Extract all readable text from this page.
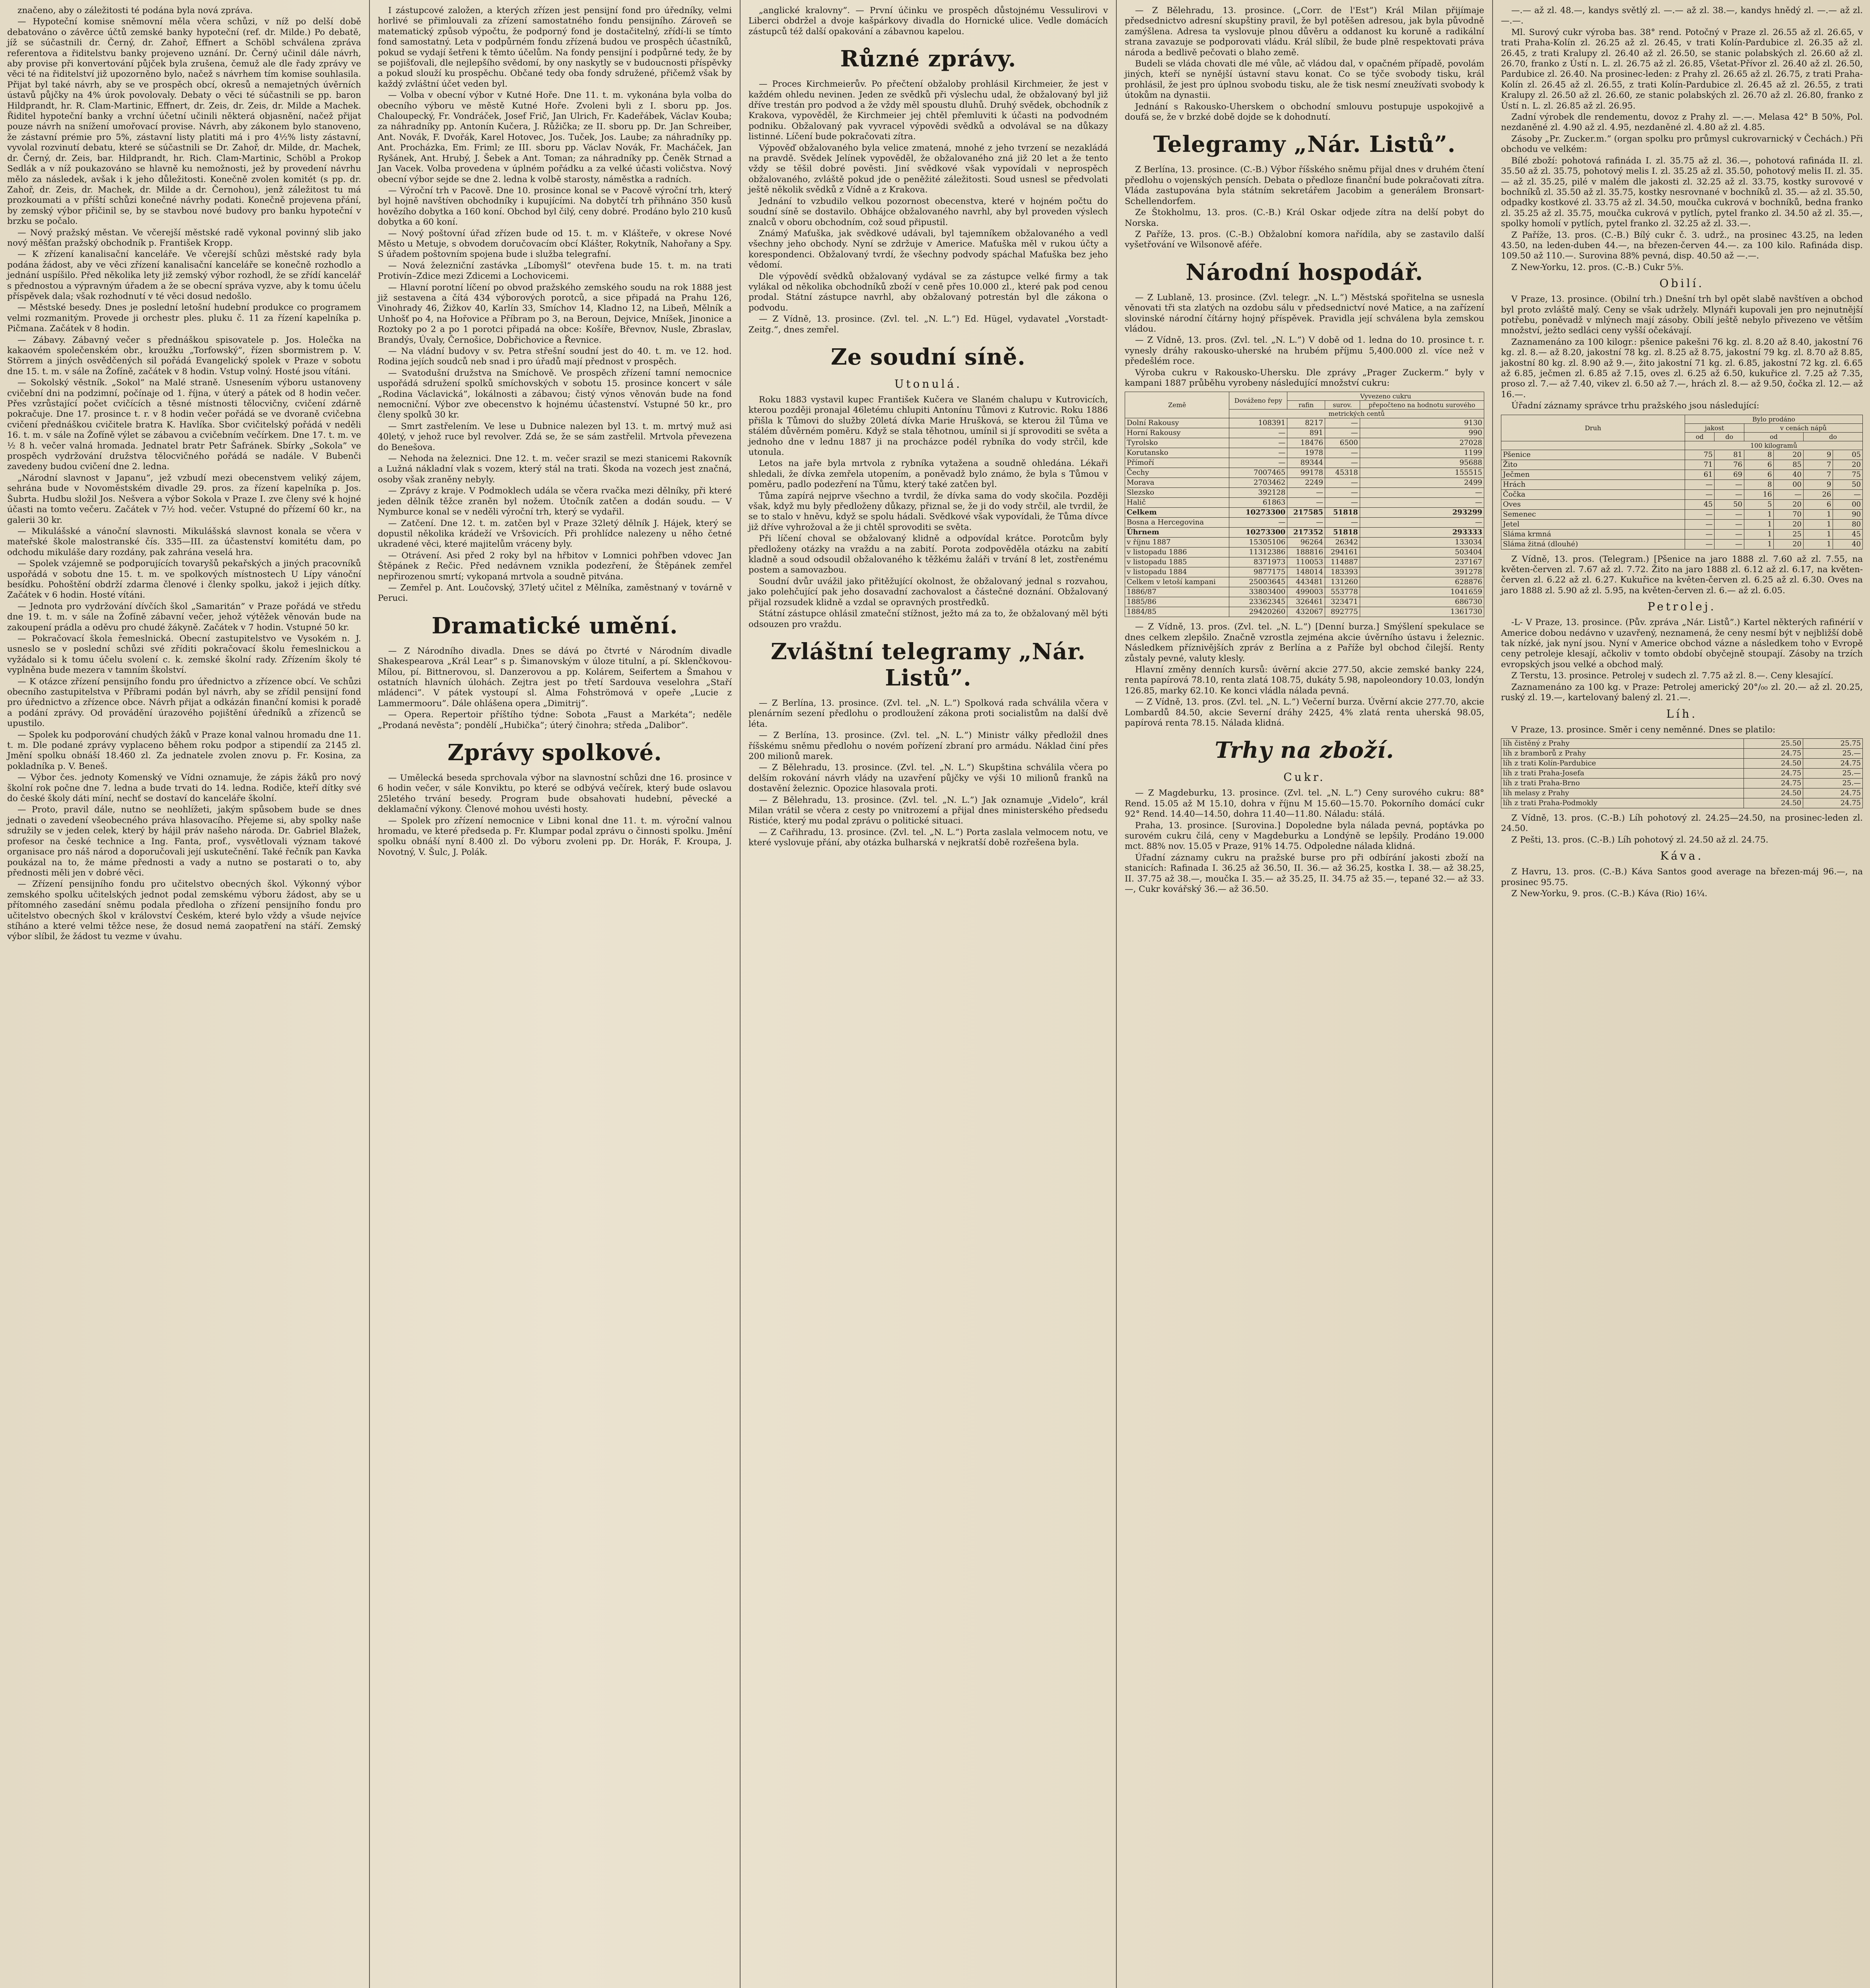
značeno, aby o záležitosti té podána byla nová zpráva.

— Hypoteční komise sněmovní měla včera schůzi, v níž po delší době debatováno o závěrce účtů zemské banky hypoteční (ref. dr. Milde.) Po debatě, jíž se súčastnili dr. Černý, dr. Zahoř, Effnert a Schöbl schválena zpráva referentova a řiditelstvu banky projeveno uznání. Dr. Černý učinil dále návrh, aby provise při konvertování půjček byla zrušena, čemuž ale dle řady zprávy ve věci té na řiditelství již upozorněno bylo, načež s návrhem tím komise souhlasila. Přijat byl také návrh, aby se ve prospěch obcí, okresů a nemajetných úvěrních ústavů půjčky na 4% úrok povolovaly. Debaty o věci té súčastnili se pp. baron Hildprandt, hr. R. Clam-Martinic, Effnert, dr. Zeis, dr. Zeis, dr. Milde a Machek. Řiditel hypoteční banky a vrchní účetní učinili některá objasnění, načež přijat pouze návrh na snížení umořovací provise. Návrh, aby zákonem bylo stanoveno, že zástavní prémie pro 5%, zástavní listy platiti má i pro 4½% listy zástavní, vyvolal rozvinutí debatu, které se súčastnili se Dr. Zahoř, dr. Milde, dr. Machek, dr. Černý, dr. Zeis, bar. Hildprandt, hr. Rich. Clam-Martinic, Schöbl a Prokop Sedlák a v níž poukazováno se hlavně ku nemožnosti, jež by provedení návrhu mělo za následek, avšak i k jeho důležitosti. Konečně zvolen komitét (s pp. dr. Zahoř, dr. Zeis, dr. Machek, dr. Milde a dr. Černohou), jenž záležitost tu má prozkoumati a v příští schůzi konečné návrhy podati. Konečně projevena přání, by zemský výbor přičinil se, by se stavbou nové budovy pro banku hypoteční v brzku se počalo.

— Nový pražský městan. Ve včerejší městské radě vykonal povinný slib jako nový měšťan pražský obchodník p. František Kropp.

— K zřízení kanalisační kanceláře. Ve včerejší schůzi městské rady byla podána žádost, aby ve věci zřízení kanalisační kanceláře se konečně rozhodlo a jednání uspíšilo. Před několika lety již zemský výbor rozhodl, že se zřídí kancelář s přednostou a výpravným úřadem a že se obecní správa vyzve, aby k tomu účelu příspěvek dala; však rozhodnutí v té věci dosud nedošlo.

— Městské besedy. Dnes je poslední letošní hudební produkce co programem velmi rozmanitým. Provede ji orchestr ples. pluku č. 11 za řízení kapelníka p. Pičmana. Začátek v 8 hodin.

— Zábavy. Zábavný večer s přednáškou spisovatele p. Jos. Holečka na kakaovém společenském obr., kroužku „Torfowský”, řízen sbormistrem p. V. Störrem a jiných osvědčených sil pořádá Evangelický spolek v Praze v sobotu dne 15. t. m. v sále na Žofíně, začátek v 8 hodin. Vstup volný. Hosté jsou vítáni.

— Sokolský věstník. „Sokol” na Malé straně. Usnesením výboru ustanoveny cvičební dni na podzimní, počínaje od 1. října, v úterý a pátek od 8 hodin večer. Přes vzrůstající počet cvičících a těsné místnosti tělocvičny, cvičení zdárně pokračuje. Dne 17. prosince t. r. v 8 hodin večer pořádá se ve dvoraně cvičebna cvičení přednáškou cvičitele bratra K. Havlíka. Sbor cvičitelský pořádá v neděli 16. t. m. v sále na Žofíně výlet se zábavou a cvičebním večírkem. Dne 17. t. m. ve ½ 8 h. večer valná hromada. Jednatel bratr Petr Šafránek. Sbírky „Sokola” ve prospěch vydržování družstva tělocvičného pořádá se nadále. V Bubenči zavedeny budou cvičení dne 2. ledna.

„Národní slavnost v Japanu”, jež vzbudí mezi obecenstvem veliký zájem, sehrána bude v Novoměstském divadle 29. pros. za řízení kapelníka p. Jos. Šubrta. Hudbu složil Jos. Nešvera a výbor Sokola v Praze I. zve členy své k hojné účasti na tomto večeru. Začátek v 7½ hod. večer. Vstupné do přízemí 60 kr., na galerii 30 kr.

— Mikulášské a vánoční slavnosti. Mikulášská slavnost konala se včera v mateřské škole malostranské čís. 335—III. za účastenství komitétu dam, po odchodu mikuláše dary rozdány, pak zahrána veselá hra.

— Spolek vzájemně se podporujících tovaryšů pekařských a jiných pracovníků uspořádá v sobotu dne 15. t. m. ve spolkových místnostech U Lípy vánoční besídku. Pohoštění obdrží zdarma členové i členky spolku, jakož i jejich dítky. Začátek v 6 hodin. Hosté vítáni.

— Jednota pro vydržování dívčích škol „Samaritán” v Praze pořádá ve středu dne 19. t. m. v sále na Žofíně zábavní večer, jehož výtěžek věnován bude na zakoupení prádla a oděvu pro chudé žákyně. Začátek v 7 hodin. Vstupné 50 kr.

— Pokračovací škola řemeslnická. Obecní zastupitelstvo ve Vysokém n. J. usneslo se v poslední schůzi své zříditi pokračovací školu řemeslnickou a vyžádalo si k tomu účelu svolení c. k. zemské školní rady. Zřízením školy té vyplněna bude mezera v tamním školství.

— K otázce zřízení pensijního fondu pro úřednictvo a zřízence obcí. Ve schůzi obecního zastupitelstva v Příbrami podán byl návrh, aby se zřídil pensijní fond pro úřednictvo a zřízence obce. Návrh přijat a odkázán finanční komisi k poradě a podání zprávy. Od provádění úrazového pojištění úředníků a zřízenců se upustilo.

— Spolek ku podporování chudých žáků v Praze konal valnou hromadu dne 11. t. m. Dle podané zprávy vyplaceno během roku podpor a stipendií za 2145 zl. Jmění spolku obnáší 18.460 zl. Za jednatele zvolen znovu p. Fr. Kosina, za pokladníka p. V. Beneš.

— Výbor čes. jednoty Komenský ve Vídni oznamuje, že zápis žáků pro nový školní rok počne dne 7. ledna a bude trvati do 14. ledna. Rodiče, kteří dítky své do české školy dáti míní, nechť se dostaví do kanceláře školní.

— Proto, pravil dále, nutno se neohlížeti, jakým spůsobem bude se dnes jednati o zavedení všeobecného práva hlasovacího. Přejeme si, aby spolky naše sdružily se v jeden celek, který by hájil práv našeho národa. Dr. Gabriel Blažek, profesor na české technice a Ing. Fanta, prof., vysvětlovali význam takové organisace pro náš národ a doporučovali její uskutečnění. Také řečník pan Kavka poukázal na to, že máme přednosti a vady a nutno se postarati o to, aby přednosti měli jen v dobré věci.

— Zřízení pensijního fondu pro učitelstvo obecných škol. Výkonný výbor zemského spolku učitelských jednot podal zemskému výboru žádost, aby se u přítomného zasedání sněmu podala předloha o zřízení pensijního fondu pro učitelstvo obecných škol v království Českém, které bylo vždy a všude nejvíce stíháno a které velmi těžce nese, že dosud nemá zaopatření na stáří. Zemský výbor slíbil, že žádost tu vezme v úvahu.

I zástupcové založen, a kterých zřízen jest pensijní fond pro úředníky, velmi horlivé se přimlouvali za zřízení samostatného fondu pensijního. Zároveň se matematický způsob výpočtu, že podporný fond je dostačitelný, zřídí-li se tímto fond samostatný. Leta v podpůrném fondu zřízená budou ve prospěch účastníků, pokud se vydají šetřeni k těmto účelům. Na fondy pensijní i podpůrné tedy, že by se pojišťovali, dle nejlepšího svědomí, by ony naskytly se v budoucnosti příspěvky a pokud slouží ku prospěchu. Občané tedy oba fondy sdružené, přičemž však by každý zvláštní účet veden byl.

— Volba v obecní výbor v Kutné Hoře. Dne 11. t. m. vykonána byla volba do obecního výboru ve městě Kutné Hoře. Zvoleni byli z I. sboru pp. Jos. Chaloupecký, Fr. Vondráček, Josef Frič, Jan Ulrich, Fr. Kadeřábek, Václav Kouba; za náhradníky pp. Antonín Kučera, J. Růžička; ze II. sboru pp. Dr. Jan Schreiber, Ant. Novák, F. Dvořák, Karel Hotovec, Jos. Tuček, Jos. Laube; za náhradníky pp. Ant. Procházka, Em. Friml; ze III. sboru pp. Václav Novák, Fr. Macháček, Jan Ryšánek, Ant. Hrubý, J. Šebek a Ant. Toman; za náhradníky pp. Čeněk Strnad a Jan Vacek. Volba provedena v úplném pořádku a za velké účasti voličstva. Nový obecní výbor sejde se dne 2. ledna k volbě starosty, náměstka a radních.

— Výroční trh v Pacově. Dne 10. prosince konal se v Pacově výroční trh, který byl hojně navštíven obchodníky i kupujícími. Na dobytčí trh přihnáno 350 kusů hovězího dobytka a 160 koní. Obchod byl čilý, ceny dobré. Prodáno bylo 210 kusů dobytka a 60 koní.

— Nový poštovní úřad zřízen bude od 15. t. m. v Klášteře, v okrese Nové Město u Metuje, s obvodem doručovacím obcí Klášter, Rokytník, Nahořany a Spy. S úřadem poštovním spojena bude i služba telegrafní.

— Nová železniční zastávka „Líbomyšl” otevřena bude 15. t. m. na trati Protivín–Zdice mezi Zdicemi a Lochovicemi.

— Hlavní porotní líčení po obvod pražského zemského soudu na rok 1888 jest již sestavena a čítá 434 výborových porotců, a sice připadá na Prahu 126, Vinohrady 46, Žižkov 40, Karlín 33, Smíchov 14, Kladno 12, na Libeň, Mělník a Unhošť po 4, na Hořovice a Příbram po 3, na Beroun, Dejvice, Mníšek, Jinonice a Roztoky po 2 a po 1 porotci připadá na obce: Košíře, Břevnov, Nusle, Zbraslav, Brandýs, Úvaly, Černošice, Dobřichovice a Řevnice.

— Na vládní budovy v sv. Petra střešní soudní jest do 40. t. m. ve 12. hod. Rodina jejích soudců neb snad i pro úřadů mají přednost v prospěch.

— Svatodušní družstva na Smíchově. Ve prospěch zřízení tamní nemocnice uspořádá sdružení spolků smíchovských v sobotu 15. prosince koncert v sále „Rodina Václavická”, lokálnosti a zábavou; čistý výnos věnován bude na fond nemocniční. Výbor zve obecenstvo k hojnému účastenství. Vstupné 50 kr., pro členy spolků 30 kr.

— Smrt zastřelením. Ve lese u Dubnice nalezen byl 13. t. m. mrtvý muž asi 40letý, v jehož ruce byl revolver. Zdá se, že se sám zastřelil. Mrtvola převezena do Benešova.

— Nehoda na železnici. Dne 12. t. m. večer srazil se mezi stanicemi Rakovník a Lužná nákladní vlak s vozem, který stál na trati. Škoda na vozech jest značná, osoby však zraněny nebyly.

— Zprávy z kraje. V Podmoklech udála se včera rvačka mezi dělníky, při které jeden dělník těžce zraněn byl nožem. Útočník zatčen a dodán soudu. — V Nymburce konal se v neděli výroční trh, který se vydařil.

— Zatčení. Dne 12. t. m. zatčen byl v Praze 32letý dělník J. Hájek, který se dopustil několika krádeží ve Vršovicích. Při prohlídce nalezeny u něho četné ukradené věci, které majitelům vráceny byly.

— Otrávení. Asi před 2 roky byl na hřbitov v Lomnici pohřben vdovec Jan Štěpánek z Rečic. Před nedávnem vznikla podezření, že Štěpánek zemřel nepřirozenou smrtí; vykopaná mrtvola a soudně pitvána.

— Zemřel p. Ant. Loučovský, 37letý učitel z Mělníka, zaměstnaný v továrně v Peruci.

Dramatické umění.

— Z Národního divadla. Dnes se dává po čtvrté v Národním divadle Shakespearova „Král Lear” s p. Šimanovským v úloze titulní, a pí. Sklenčkovou-Mílou, pí. Bittnerovou, sl. Danzerovou a pp. Kolárem, Seifertem a Šmahou v ostatních hlavních úlohách. Zejtra jest po třetí Sardouva veselohra „Staří mládenci”. V pátek vystoupí sl. Alma Fohströmová v opeře „Lucie z Lammermooru”. Dále ohlášena opera „Dimitrij”.

— Opera. Repertoir příštího týdne: Sobota „Faust a Markéta”; neděle „Prodaná nevěsta”; pondělí „Hubička”; úterý činohra; středa „Dalibor”.

Zprávy spolkové.

— Umělecká beseda sprchovala výbor na slavnostní schůzi dne 16. prosince v 6 hodin večer, v sále Konviktu, po které se odbývá večírek, který bude oslavou 25letého trvání besedy. Program bude obsahovati hudební, pěvecké a deklamační výkony. Členové mohou uvésti hosty.

— Spolek pro zřízení nemocnice v Libni konal dne 11. t. m. výroční valnou hromadu, ve které předseda p. Fr. Klumpar podal zprávu o činnosti spolku. Jmění spolku obnáší nyní 8.400 zl. Do výboru zvoleni pp. Dr. Horák, F. Kroupa, J. Novotný, V. Šulc, J. Polák.

„anglické kralovny”. — První účinku ve prospěch důstojnému Vessulirovi v Liberci obdržel a dvoje kašpárkovy divadla do Hornické ulice. Vedle domácích zástupců též další opakování a zábavnou kapelou.

Různé zprávy.

— Proces Kirchmeierův. Po přečtení obžaloby prohlásil Kirchmeier, že jest v každém ohledu nevinen. Jeden ze svědků při výslechu udal, že obžalovaný byl již dříve trestán pro podvod a že vždy měl spoustu dluhů. Druhý svědek, obchodník z Krakova, vypověděl, že Kirchmeier jej chtěl přemluviti k účasti na podvodném podniku. Obžalovaný pak vyvracel výpovědi svědků a odvolával se na důkazy listinné. Líčení bude pokračovati zítra.

Výpověď obžalovaného byla velice zmatená, mnohé z jeho tvrzení se nezakládá na pravdě. Svědek Jelínek vypověděl, že obžalovaného zná již 20 let a že tento vždy se těšil dobré pověsti. Jiní svědkové však vypovídali v neprospěch obžalovaného, zvláště pokud jde o peněžité záležitosti. Soud usnesl se předvolati ještě několik svědků z Vídně a z Krakova.

Jednání to vzbudilo velkou pozornost obecenstva, které v hojném počtu do soudní síně se dostavilo. Obhájce obžalovaného navrhl, aby byl proveden výslech znalců v oboru obchodním, což soud připustil.

Známý Maťuška, jak svědkové udávali, byl tajemníkem obžalovaného a vedl všechny jeho obchody. Nyní se zdržuje v Americe. Maťuška měl v rukou účty a korespondenci. Obžalovaný tvrdí, že všechny podvody spáchal Maťuška bez jeho vědomí.

Dle výpovědí svědků obžalovaný vydával se za zástupce velké firmy a tak vylákal od několika obchodníků zboží v ceně přes 10.000 zl., které pak pod cenou prodal. Státní zástupce navrhl, aby obžalovaný potrestán byl dle zákona o podvodu.

— Z Vídně, 13. prosince. (Zvl. tel. „N. L.”) Ed. Hügel, vydavatel „Vorstadt-Zeitg.”, dnes zemřel.

Ze soudní síně.
Utonulá.

Roku 1883 vystavil kupec František Kučera ve Slaném chalupu v Kutrovicích, kterou později pronajal 46letému chlupiti Antonínu Tůmovi z Kutrovic. Roku 1886 přišla k Tůmovi do služby 20letá dívka Marie Hrušková, se kterou žil Tůma ve stálém důvěrném poměru. Když se stala těhotnou, umínil si jí sprovoditi se světa a jednoho dne v lednu 1887 ji na procházce podél rybníka do vody strčil, kde utonula.

Letos na jaře byla mrtvola z rybníka vytažena a soudně ohledána. Lékaři shledali, že dívka zemřela utopením, a poněvadž bylo známo, že byla s Tůmou v poměru, padlo podezření na Tůmu, který také zatčen byl.

Tůma zapírá nejprve všechno a tvrdil, že dívka sama do vody skočila. Později však, když mu byly předloženy důkazy, přiznal se, že ji do vody strčil, ale tvrdil, že se to stalo v hněvu, když se spolu hádali. Svědkové však vypovídali, že Tůma dívce již dříve vyhrožoval a že ji chtěl sprovoditi se světa.

Při líčení choval se obžalovaný klidně a odpovídal krátce. Porotcům byly předloženy otázky na vraždu a na zabití. Porota zodpověděla otázku na zabití kladně a soud odsoudil obžalovaného k těžkému žaláři v trvání 8 let, zostřenému postem a samovazbou.

Soudní dvůr uvážil jako přitěžující okolnost, že obžalovaný jednal s rozvahou, jako polehčující pak jeho dosavadní zachovalost a částečné doznání. Obžalovaný přijal rozsudek klidně a vzdal se opravných prostředků.

Státní zástupce ohlásil zmateční stížnost, ježto má za to, že obžalovaný měl býti odsouzen pro vraždu.

Zvláštní telegramy „Nár. Listů”.

— Z Berlína, 13. prosince. (Zvl. tel. „N. L.”) Spolková rada schválila včera v plenárním sezení předlohu o prodloužení zákona proti socialistům na další dvě léta.

— Z Berlína, 13. prosince. (Zvl. tel. „N. L.”) Ministr války předložil dnes říšskému sněmu předlohu o novém pořízení zbraní pro armádu. Náklad činí přes 200 milionů marek.

— Z Bělehradu, 13. prosince. (Zvl. tel. „N. L.”) Skupština schválila včera po delším rokování návrh vlády na uzavření půjčky ve výši 10 milionů franků na dostavění železnic. Opozice hlasovala proti.

— Z Bělehradu, 13. prosince. (Zvl. tel. „N. L.”) Jak oznamuje „Videlo”, král Milan vrátil se včera z cesty po vnitrozemí a přijal dnes ministerského předsedu Ristiće, který mu podal zprávu o politické situaci.

— Z Cařihradu, 13. prosince. (Zvl. tel. „N. L.”) Porta zaslala velmocem notu, ve které vyslovuje přání, aby otázka bulharská v nejkratší době rozřešena byla.

— Z Bělehradu, 13. prosince. („Corr. de l'Est”) Král Milan přijímaje předsednictvo adresní skupštiny pravil, že byl potěšen adresou, jak byla původně zamýšlena. Adresa ta vyslovuje plnou důvěru a oddanost ku koruně a radikální strana zavazuje se podporovati vládu. Král slíbil, že bude plně respektovati práva národa a bedlivě pečovati o blaho země.

Budeli se vláda chovati dle mé vůle, ač vládou dal, v opačném případě, povolám jiných, kteří se nynější ústavní stavu konat. Co se týče svobody tisku, král prohlásil, že jest pro úplnou svobodu tisku, ale že tisk nesmí zneužívati svobody k útokům na dynastii.

Jednání s Rakousko-Uherskem o obchodní smlouvu postupuje uspokojivě a doufá se, že v brzké době dojde se k dohodnutí.

Telegramy „Nár. Listů”.

Z Berlína, 13. prosince. (C.-B.) Výbor říšského sněmu přijal dnes v druhém čtení předlohu o vojenských pensích. Debata o předloze finanční bude pokračovati zítra. Vláda zastupována byla státním sekretářem Jacobim a generálem Bronsart-Schellendorfem.

Ze Štokholmu, 13. pros. (C.-B.) Král Oskar odjede zítra na delší pobyt do Norska.

Z Paříže, 13. pros. (C.-B.) Obžalobní komora nařídila, aby se zastavilo další vyšetřování ve Wilsonově aféře.

Národní hospodář.

— Z Lublaně, 13. prosince. (Zvl. telegr. „N. L.”) Městská spořitelna se usnesla věnovati tři sta zlatých na ozdobu sálu v předsednictví nové Matice, a na zařízení slovinské národní čítárny hojný příspěvek. Pravidla její schválena byla zemskou vládou.

— Z Vídně, 13. pros. (Zvl. tel. „N. L.”) V době od 1. ledna do 10. prosince t. r. vynesly dráhy rakousko-uherské na hrubém příjmu 5,400.000 zl. více než v předešlém roce.

Výroba cukru v Rakousko-Uhersku. Dle zprávy „Prager Zuckerm.” byly v kampani 1887 průběhu vyrobeny následující množství cukru:

Země	Dováženo řepy	Vyvezeno cukru		
		rafin	surov.	přepočteno na hodnotu surového
	metrických centů			
Dolní Rakousy	108391	8217	—	9130
Horní Rakousy	—	891	—	990
Tyrolsko	—	18476	6500	27028
Korutansko	—	1978	—	1199
Přímoří	—	89344	—	95688
Čechy	7007465	99178	45318	155515
Morava	2703462	2249	—	2499
Slezsko	392128	—	—	—
Halič	61863	—	—	—
Celkem	10273300	217585	51818	293299
Bosna a Hercegovina	—	—	—	—
Úhrnem	10273300	217352	51818	293333
v říjnu 1887	15305106	96264	26342	133034
v listopadu 1886	11312386	188816	294161	503404
v listopadu 1885	8371973	110053	114887	237167
v listopadu 1884	9877175	148014	183393	391278
Celkem v letoší kampani	25003645	443481	131260	628876
1886/87	33803400	499003	553778	1041659
1885/86	23362345	326461	323471	686730
1884/85	29420260	432067	892775	1361730

— Z Vídně, 13. pros. (Zvl. tel. „N. L.”) [Denní burza.] Smýšlení spekulace se dnes celkem zlepšilo. Značně vzrostla zejména akcie úvěrního ústavu i železnic. Následkem příznivějších zpráv z Berlína a z Paříže byl obchod čilejší. Renty zůstaly pevné, valuty klesly.

Hlavní změny denních kursů: úvěrní akcie 277.50, akcie zemské banky 224, renta papírová 78.10, renta zlatá 108.75, dukáty 5.98, napoleondory 10.03, londýn 126.85, marky 62.10. Ke konci vládla nálada pevná.

— Z Vídně, 13. pros. (Zvl. tel. „N. L.”) Večerní burza. Úvěrní akcie 277.70, akcie Lombardů 84.50, akcie Severní dráhy 2425, 4% zlatá renta uherská 98.05, papírová renta 78.15. Nálada klidná.

Trhy na zboží.
Cukr.

— Z Magdeburku, 13. prosince. (Zvl. tel. „N. L.”) Ceny surového cukru: 88° Rend. 15.05 až M 15.10, dohra v říjnu M 15.60—15.70. Pokorního domácí cukr 92° Rend. 14.40—14.50, dohra 11.40—11.80. Náladu: stálá.

Praha, 13. prosince. [Surovina.] Dopoledne byla nálada pevná, poptávka po surovém cukru čilá, ceny v Magdeburku a Londýně se lepšily. Prodáno 19.000 mct. 88% nov. 15.05 v Praze, 91% 14.75. Odpoledne nálada klidná.

Úřadní záznamy cukru na pražské burse pro při odbírání jakosti zboží na stanicích: Rafinada I. 36.25 až 36.50, II. 36.— až 36.25, kostka I. 38.— až 38.25, II. 37.75 až 38.—, moučka I. 35.— až 35.25, II. 34.75 až 35.—, tepané 32.— až 33.—, Cukr kovářský 36.— až 36.50.

—.— až zl. 48.—, kandys světlý zl. —.— až zl. 38.—, kandys hnědý zl. —.— až zl. —.—.

Ml. Surový cukr výroba bas. 38° rend. Potočný v Praze zl. 26.55 až zl. 26.65, v trati Praha-Kolín zl. 26.25 až zl. 26.45, v trati Kolín-Pardubice zl. 26.35 až zl. 26.45, z trati Kralupy zl. 26.40 až zl. 26.50, se stanic polabských zl. 26.60 až zl. 26.70, franko z Ústí n. L. zl. 26.75 až zl. 26.85, Všetat-Přívor zl. 26.40 až zl. 26.50, Pardubice zl. 26.40. Na prosinec-leden: z Prahy zl. 26.65 až zl. 26.75, z trati Praha-Kolín zl. 26.45 až zl. 26.55, z trati Kolín-Pardubice zl. 26.45 až zl. 26.55, z trati Kralupy zl. 26.50 až zl. 26.60, ze stanic polabských zl. 26.70 až zl. 26.80, franko z Ústí n. L. zl. 26.85 až zl. 26.95.

Zadní výrobek dle rendementu, dovoz z Prahy zl. —.—. Melasa 42° B 50%, Pol. nezdaněné zl. 4.90 až zl. 4.95, nezdaněné zl. 4.80 až zl. 4.85.

Zásoby „Pr. Zucker.m.” (organ spolku pro průmysl cukrovarnický v Čechách.) Při obchodu ve velkém:

Bílé zboží: pohotová rafináda I. zl. 35.75 až zl. 36.—, pohotová rafináda II. zl. 35.50 až zl. 35.75, pohotový melis I. zl. 35.25 až zl. 35.50, pohotový melis II. zl. 35.— až zl. 35.25, pilé v malém dle jakosti zl. 32.25 až zl. 33.75, kostky surovové v bochníků zl. 35.50 až zl. 35.75, kostky nesrovnané v bochníků zl. 35.— až zl. 35.50, odpadky kostkové zl. 33.75 až zl. 34.50, moučka cukrová v bochníků, bedna franko zl. 35.25 až zl. 35.75, moučka cukrová v pytlích, pytel franko zl. 34.50 až zl. 35.—, spolky homolí v pytlích, pytel franko zl. 32.25 až zl. 33.—.

Z Paříže, 13. pros. (C.-B.) Bílý cukr č. 3. udrž., na prosinec 43.25, na leden 43.50, na leden-duben 44.—, na březen-červen 44.—. za 100 kilo. Rafináda disp. 109.50 až 110.—. Surovina 88% pevná, disp. 40.50 až —.—.

Z New-Yorku, 12. pros. (C.-B.) Cukr 5⅝.

Obilí.

V Praze, 13. prosince. (Obilní trh.) Dnešní trh byl opět slabě navštíven a obchod byl proto zvláště malý. Ceny se však udržely. Mlynáři kupovali jen pro nejnutnější potřebu, poněvadž v mlýnech mají zásoby. Obilí ještě nebylo přivezeno ve větším množství, ježto sedláci ceny vyšší očekávají.

Zaznamenáno za 100 kilogr.: pšenice pakešni 76 kg. zl. 8.20 až 8.40, jakostní 76 kg. zl. 8.— až 8.20, jakostní 78 kg. zl. 8.25 až 8.75, jakostní 79 kg. zl. 8.70 až 8.85, jakostní 80 kg. zl. 8.90 až 9.—, žito jakostní 71 kg. zl. 6.85, jakostní 72 kg. zl. 6.65 až 6.85, ječmen zl. 6.85 až 7.15, oves zl. 6.25 až 6.50, kukuřice zl. 7.25 až 7.35, proso zl. 7.— až 7.40, vikev zl. 6.50 až 7.—, hrách zl. 8.— až 9.50, čočka zl. 12.— až 16.—.

Úřadní záznamy správce trhu pražského jsou následující:

Druh	Bylo prodáno					
	jakost		v cenách nápů			
	od	do	od		do	
	100 kilogramů					
Pšenice	75	81	8	20	9	05
Žito	71	76	6	85	7	20
Ječmen	61	69	6	40	7	75
Hrách	—	—	8	00	9	50
Čočka	—	—	16	—	26	—
Oves	45	50	5	20	6	00
Semenec	—	—	1	70	1	90
Jetel	—	—	1	20	1	80
Sláma krmná	—	—	1	25	1	45
Sláma žitná (dlouhé)	—	—	1	20	1	40

Z Vídně, 13. pros. (Telegram.) [Pšenice na jaro 1888 zl. 7.60 až zl. 7.55, na květen-červen zl. 7.67 až zl. 7.72. Žito na jaro 1888 zl. 6.12 až zl. 6.17, na květen-červen zl. 6.22 až zl. 6.27. Kukuřice na květen-červen zl. 6.25 až zl. 6.30. Oves na jaro 1888 zl. 5.90 až zl. 5.95, na květen-červen zl. 6.— až zl. 6.05.

Petrolej.

-L- V Praze, 13. prosince. (Pův. zpráva „Nár. Listů”.) Kartel některých rafinérií v Americe dobou nedávno v uzavřený, neznamená, že ceny nesmí být v nejbližší době tak nízké, jak nyní jsou. Nyní v Americe obchod vázne a následkem toho v Evropě ceny petroleje klesají, ačkoliv v tomto období obyčejně stoupají. Zásoby na trzích evropských jsou velké a obchod malý.

Z Terstu, 13. prosince. Petrolej v sudech zl. 7.75 až zl. 8.—. Ceny klesající.

Zaznamenáno za 100 kg. v Praze: Petrolej americký 20°/₀₀ zl. 20.— až zl. 20.25, ruský zl. 19.—, kartelovaný balený zl. 21.—.

Líh.

V Praze, 13. prosince. Směr i ceny neměnné. Dnes se platilo:

líh čistěný z Prahy	25.50	25.75
líh z bramborů z Prahy	24.75	25.—
líh z trati Kolín-Pardubice	24.50	24.75
líh z trati Praha-Josefa	24.75	25.—
líh z trati Praha-Brno	24.75	25.—
líh melasy z Prahy	24.50	24.75
líh z trati Praha-Podmokly	24.50	24.75

Z Vídně, 13. pros. (C.-B.) Líh pohotový zl. 24.25—24.50, na prosinec-leden zl. 24.50.

Z Pešti, 13. pros. (C.-B.) Líh pohotový zl. 24.50 až zl. 24.75.

Káva.

Z Havru, 13. pros. (C.-B.) Káva Santos good average na březen-máj 96.—, na prosinec 95.75.

Z New-Yorku, 9. pros. (C.-B.) Káva (Rio) 16¼.
